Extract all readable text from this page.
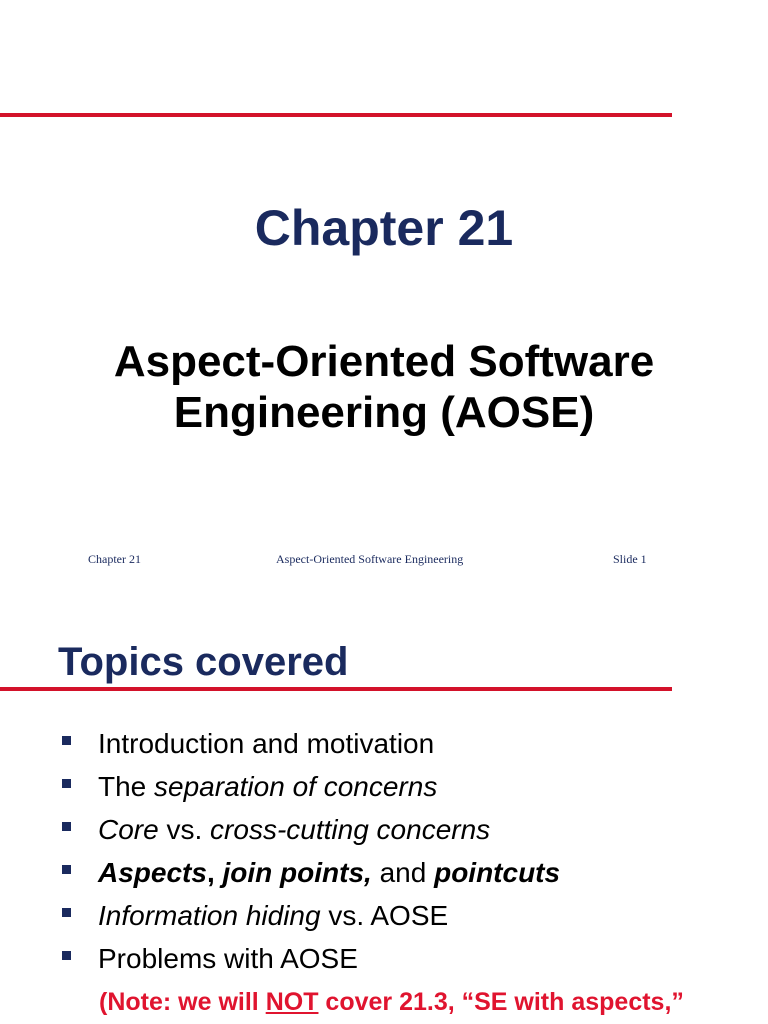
Chapter 21
Aspect-Oriented Software
Engineering (AOSE)
Chapter 21	Aspect-Oriented Software Engineering	Slide 1
Topics covered
Introduction and motivation
The separation of concerns
Core vs. cross-cutting concerns
Aspects, join points, and pointcuts
Information hiding vs. AOSE
Problems with AOSE
(Note: we will NOT cover 21.3, “SE with aspects,”
